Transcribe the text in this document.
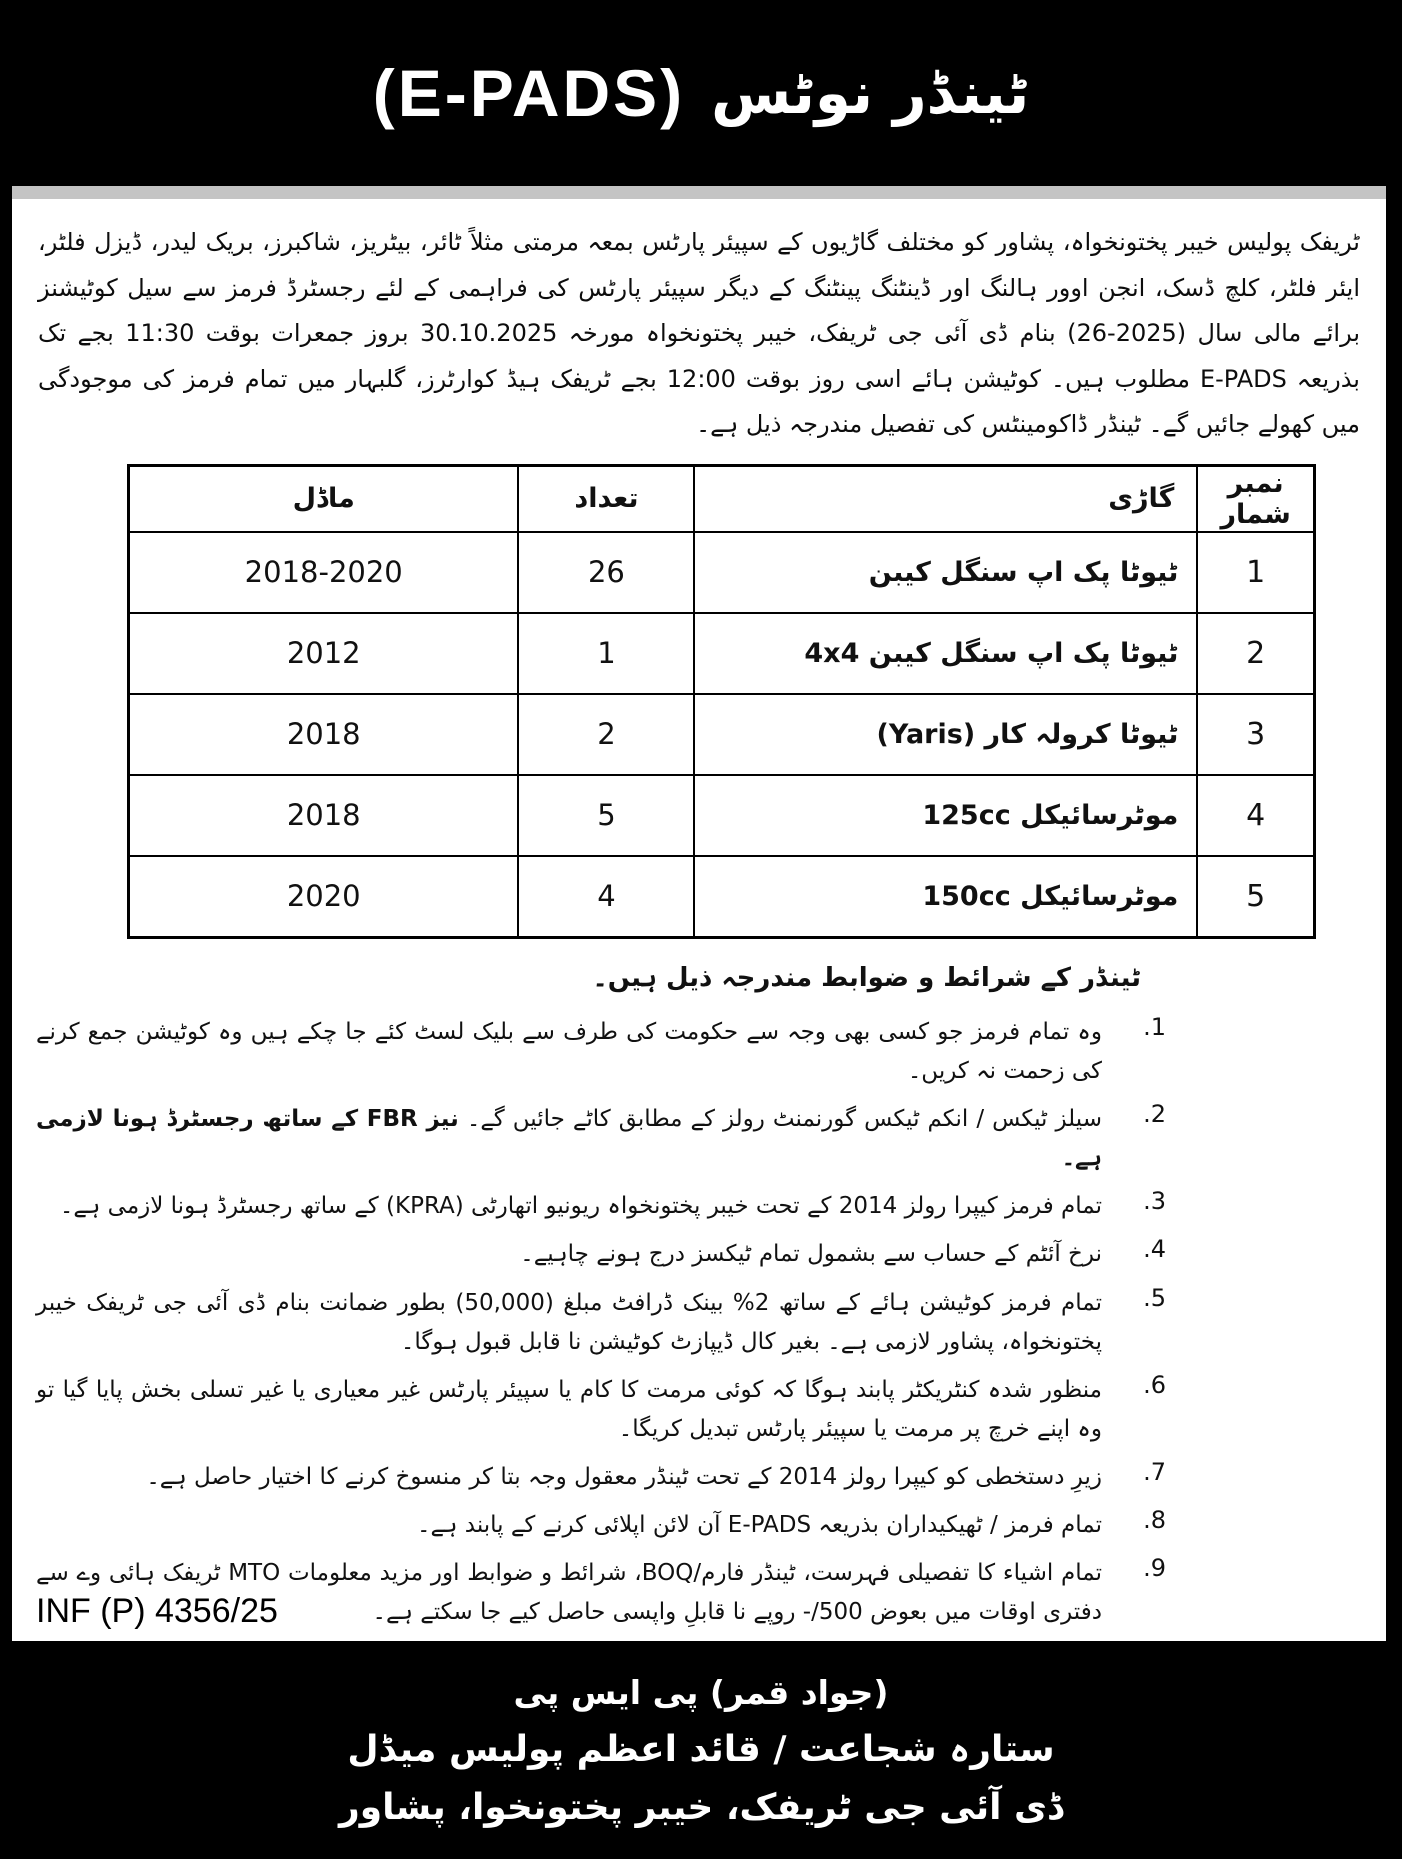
ٹینڈر نوٹس
(E-PADS)

ٹریفک پولیس خیبر پختونخواہ، پشاور کو مختلف گاڑیوں کے سپیئر پارٹس بمعہ مرمتی مثلاً ٹائر، بیٹریز، شاکبرز، بریک لیدر، ڈیزل فلٹر، ایئر فلٹر، کلچ ڈسک، انجن اوور ہالنگ اور ڈینٹنگ پینٹنگ کے دیگر سپیئر پارٹس کی فراہمی کے لئے رجسٹرڈ فرمز سے سیل کوٹیشنز برائے مالی سال (2025-26) بنام ڈی آئی جی ٹریفک، خیبر پختونخواہ مورخہ 30.10.2025 بروز جمعرات بوقت 11:30 بجے تک بذریعہ E-PADS مطلوب ہیں۔ کوٹیشن ہائے اسی روز بوقت 12:00 بجے ٹریفک ہیڈ کوارٹرز، گلبہار میں تمام فرمز کی موجودگی میں کھولے جائیں گے۔ ٹینڈر ڈاکومینٹس کی تفصیل مندرجہ ذیل ہے۔

نمبر شمار	گاڑی	تعداد	ماڈل
1	ٹیوٹا پک اپ سنگل کیبن	26	2018-2020
2	ٹیوٹا پک اپ سنگل کیبن 4x4	1	2012
3	ٹیوٹا کرولہ کار (Yaris)	2	2018
4	موٹرسائیکل 125cc	5	2018
5	موٹرسائیکل 150cc	4	2020
ٹینڈر کے شرائط و ضوابط مندرجہ ذیل ہیں۔
1.
وہ تمام فرمز جو کسی بھی وجہ سے حکومت کی طرف سے بلیک لسٹ کئے جا چکے ہیں وہ کوٹیشن جمع کرنے کی زحمت نہ کریں۔
2.
سیلز ٹیکس / انکم ٹیکس گورنمنٹ رولز کے مطابق کاٹے جائیں گے۔ نیز FBR کے ساتھ رجسٹرڈ ہونا لازمی ہے۔
3.
تمام فرمز کیپرا رولز 2014 کے تحت خیبر پختونخواہ ریونیو اتھارٹی (KPRA) کے ساتھ رجسٹرڈ ہونا لازمی ہے۔
4.
نرخ آئٹم کے حساب سے بشمول تمام ٹیکسز درج ہونے چاہیے۔
5.
تمام فرمز کوٹیشن ہائے کے ساتھ 2% بینک ڈرافٹ مبلغ (50,000) بطور ضمانت بنام ڈی آئی جی ٹریفک خیبر پختونخواہ، پشاور لازمی ہے۔ بغیر کال ڈیپازٹ کوٹیشن نا قابل قبول ہوگا۔
6.
منظور شدہ کنٹریکٹر پابند ہوگا کہ کوئی مرمت کا کام یا سپیئر پارٹس غیر معیاری یا غیر تسلی بخش پایا گیا تو وہ اپنے خرچ پر مرمت یا سپیئر پارٹس تبدیل کریگا۔
7.
زیرِ دستخطی کو کیپرا رولز 2014 کے تحت ٹینڈر معقول وجہ بتا کر منسوخ کرنے کا اختیار حاصل ہے۔
8.
تمام فرمز / ٹھیکیداران بذریعہ E-PADS آن لائن اپلائی کرنے کے پابند ہے۔
9.
تمام اشیاء کا تفصیلی فہرست، ٹینڈر فارم/BOQ، شرائط و ضوابط اور مزید معلومات MTO ٹریفک ہائی وے سے دفتری اوقات میں بعوض 500/- روپے نا قابلِ واپسی حاصل کیے جا سکتے ہے۔
INF (P) 4356/25
(جواد قمر) پی ایس پی
ستارہ شجاعت / قائد اعظم پولیس میڈل
ڈی آئی جی ٹریفک، خیبر پختونخوا، پشاور
